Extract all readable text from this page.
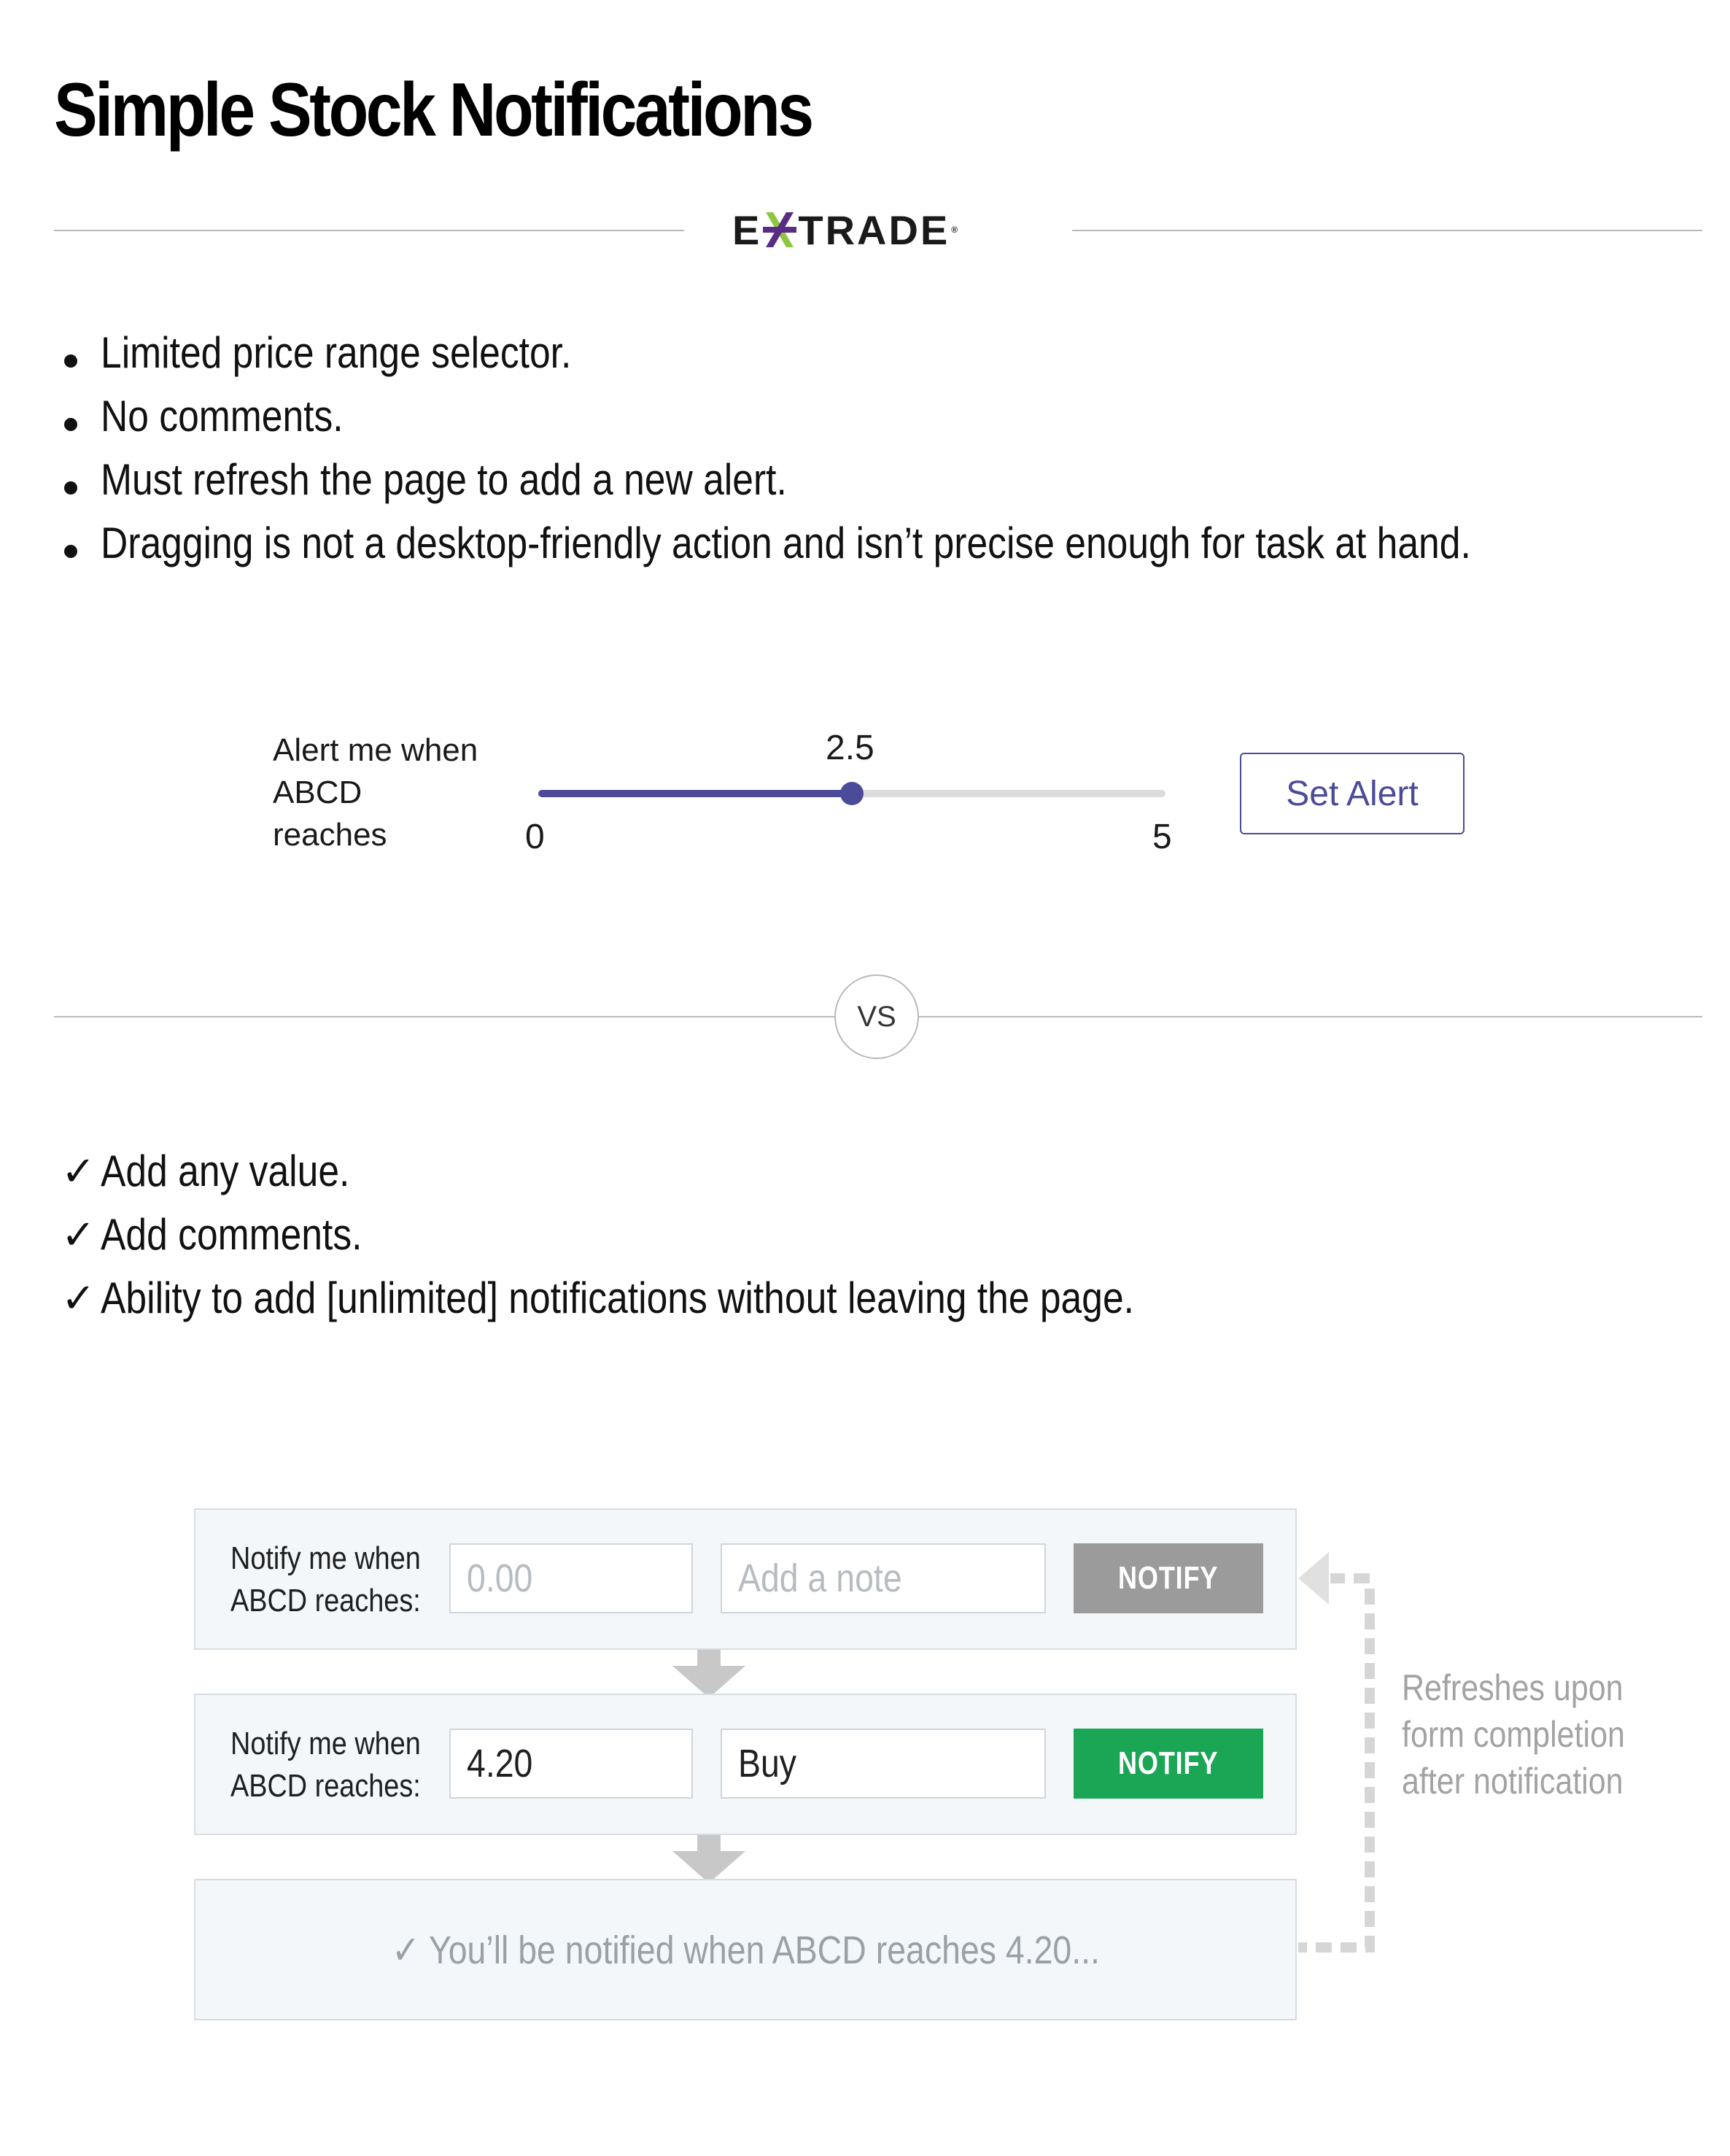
Simple Stock Notifications
E TRADE ®
Limited price range selector.
No comments.
Must refresh the page to add a new alert.
Dragging is not a desktop-friendly action and isn’t precise enough for task at hand.
Alert me when
ABCD
reaches
2.5
0	5
Set Alert
VS
✓ Add any value.
✓ Add comments.
✓ Ability to add [unlimited] notifications without leaving the page.
Notify me when
ABCD reaches:
0.00	Add a note	NOTIFY
Notify me when
ABCD reaches:
4.20	Buy	NOTIFY
✓ You’ll be notified when ABCD reaches 4.20...
Refreshes upon
form completion
after notification
